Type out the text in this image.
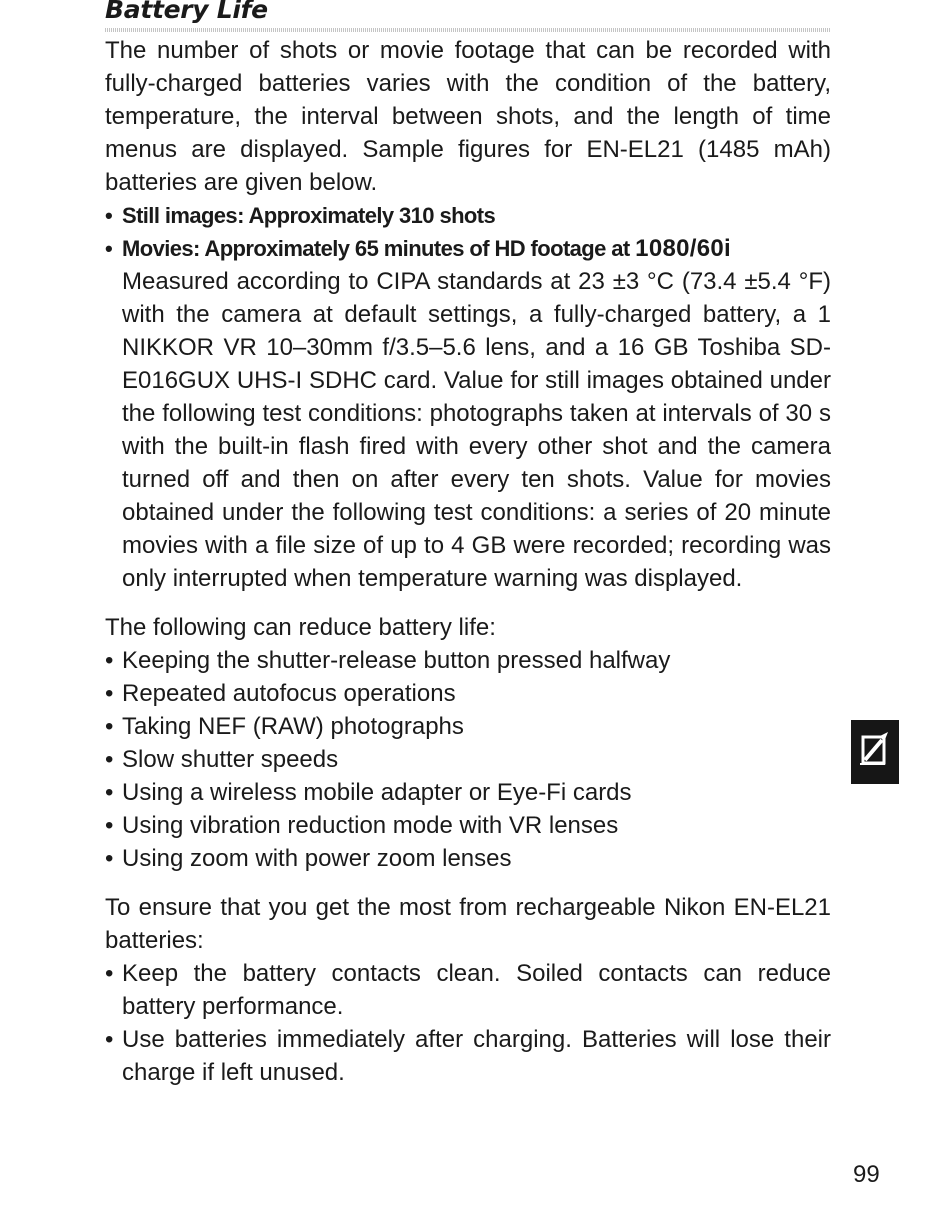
Battery Life

The number of shots or movie footage that can be recorded with fully-charged batteries varies with the condition of the battery, temperature, the interval between shots, and the length of time menus are displayed. Sample figures for EN-EL21 (1485 mAh) batteries are given below.

• Still images: Approximately 310 shots
• Movies: Approximately 65 minutes of HD footage at 1080/60i

Measured according to CIPA standards at 23 ±3 °C (73.4 ±5.4 °F) with the camera at default settings, a fully-charged battery, a 1 NIKKOR VR 10–30mm f/3.5–5.6 lens, and a 16 GB Toshiba SD-E016GUX UHS-I SDHC card. Value for still images obtained under the following test conditions: photographs taken at intervals of 30 s with the built-in flash fired with every other shot and the camera turned off and then on after every ten shots. Value for movies obtained under the following test conditions: a series of 20 minute movies with a file size of up to 4 GB were recorded; recording was only interrupted when temperature warning was displayed.

The following can reduce battery life:

• Keeping the shutter-release button pressed halfway
• Repeated autofocus operations
• Taking NEF (RAW) photographs
• Slow shutter speeds
• Using a wireless mobile adapter or Eye-Fi cards
• Using vibration reduction mode with VR lenses
• Using zoom with power zoom lenses

To ensure that you get the most from rechargeable Nikon EN-EL21 batteries:

• Keep the battery contacts clean. Soiled contacts can reduce battery performance.
• Use batteries immediately after charging. Batteries will lose their charge if left unused.
99
